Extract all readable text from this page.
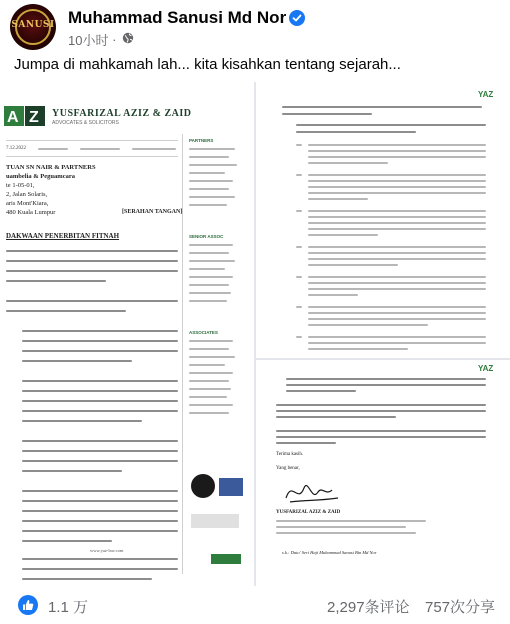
SANUSI Muhammad Sanusi Md Nor
10小时 ·
Jumpa di mahkamah lah... kita kisahkan tentang sejarah...
A Z YUSFARIZAL AZIZ & ZAID
ADVOCATES & SOLICITORS
7.12.2022
TUAN SN NAIR & PARTNERS
uambelia & Peguamcara
te 1-05-01,
2, Jalan Solaris,
aris Mont'Kiara,
480 Kuala Lumpur	[SERAHAN TANGAN]
DAKWAAN PENERBITAN FITNAH
www.yaz-law.com
PARTNERS
SENIOR ASSOC
ASSOCIATES
YAZ
YAZ
Terima kasih.
Yang benar,
YUSFARIZAL AZIZ & ZAID
s.k.: Dato' Seri Haji Muhammad Sanusi Bin Md Nor
1.1 万	2,297条评论 757次分享
